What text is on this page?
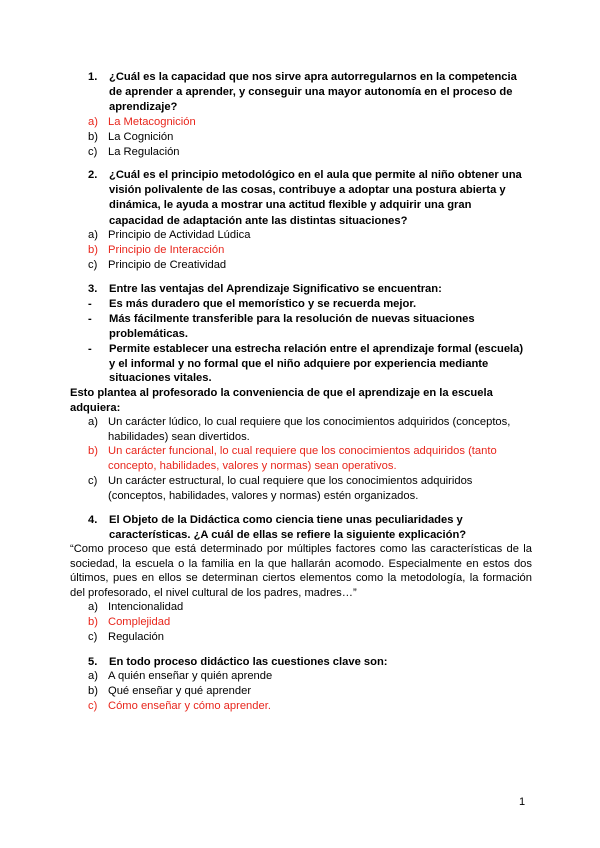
1. ¿Cuál es la capacidad que nos sirve apra autorregularnos en la competencia de aprender a aprender, y conseguir una mayor autonomía en el proceso de aprendizaje?
a) La Metacognición
b) La Cognición
c) La Regulación
2. ¿Cuál es el principio metodológico en el aula que permite al niño obtener una visión polivalente de las cosas, contribuye a adoptar una postura abierta y dinámica, le ayuda a mostrar una actitud flexible y adquirir una gran capacidad de adaptación ante las distintas situaciones?
a) Principio de Actividad Lúdica
b) Principio de Interacción
c) Principio de Creatividad
3. Entre las ventajas del Aprendizaje Significativo se encuentran:
- Es más duradero que el memorístico y se recuerda mejor.
- Más fácilmente transferible para la resolución de nuevas situaciones problemáticas.
- Permite establecer una estrecha relación entre el aprendizaje formal (escuela) y el informal y no formal que el niño adquiere por experiencia mediante situaciones vitales.
Esto plantea al profesorado la conveniencia de que el aprendizaje en la escuela adquiera:
a) Un carácter lúdico, lo cual requiere que los conocimientos adquiridos (conceptos, habilidades) sean divertidos.
b) Un carácter funcional, lo cual requiere que los conocimientos adquiridos (tanto concepto, habilidades, valores y normas) sean operativos.
c) Un carácter estructural, lo cual requiere que los conocimientos adquiridos (conceptos, habilidades, valores y normas) estén organizados.
4. El Objeto de la Didáctica como ciencia tiene unas peculiaridades y características. ¿A cuál de ellas se refiere la siguiente explicación?
“Como proceso que está determinado por múltiples factores como las características de la sociedad, la escuela o la familia en la que hallarán acomodo. Especialmente en estos dos últimos, pues en ellos se determinan ciertos elementos como la metodología, la formación del profesorado, el nivel cultural de los padres, madres…”
a) Intencionalidad
b) Complejidad
c) Regulación
5. En todo proceso didáctico las cuestiones clave son:
a) A quién enseñar y quién aprende
b) Qué enseñar y qué aprender
c) Cómo enseñar y cómo aprender.
1
